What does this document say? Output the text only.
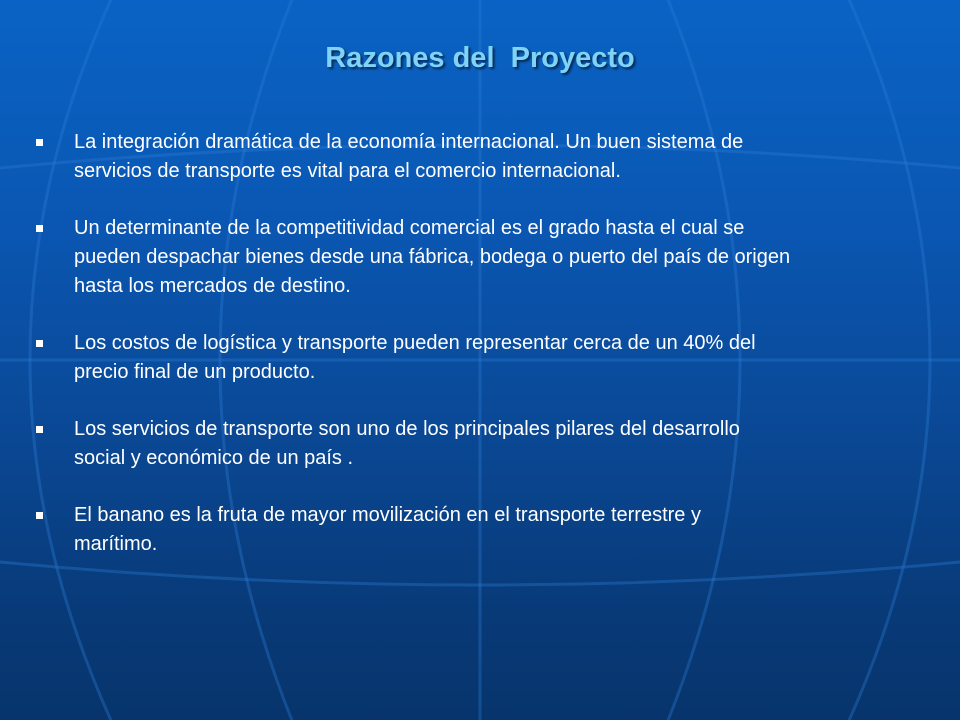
Razones del  Proyecto
La integración dramática de la economía internacional. Un buen sistema de
servicios de transporte es vital para el comercio internacional.
Un determinante de la competitividad comercial es el grado hasta el cual se
pueden despachar bienes desde una fábrica, bodega o puerto del país de origen
hasta los mercados de destino.
Los costos de logística y transporte pueden representar cerca de un 40% del
precio final de un producto.
Los servicios de transporte son uno de los principales pilares del desarrollo
social y económico de un país .
El banano es la fruta de mayor movilización en el transporte terrestre y
marítimo.
